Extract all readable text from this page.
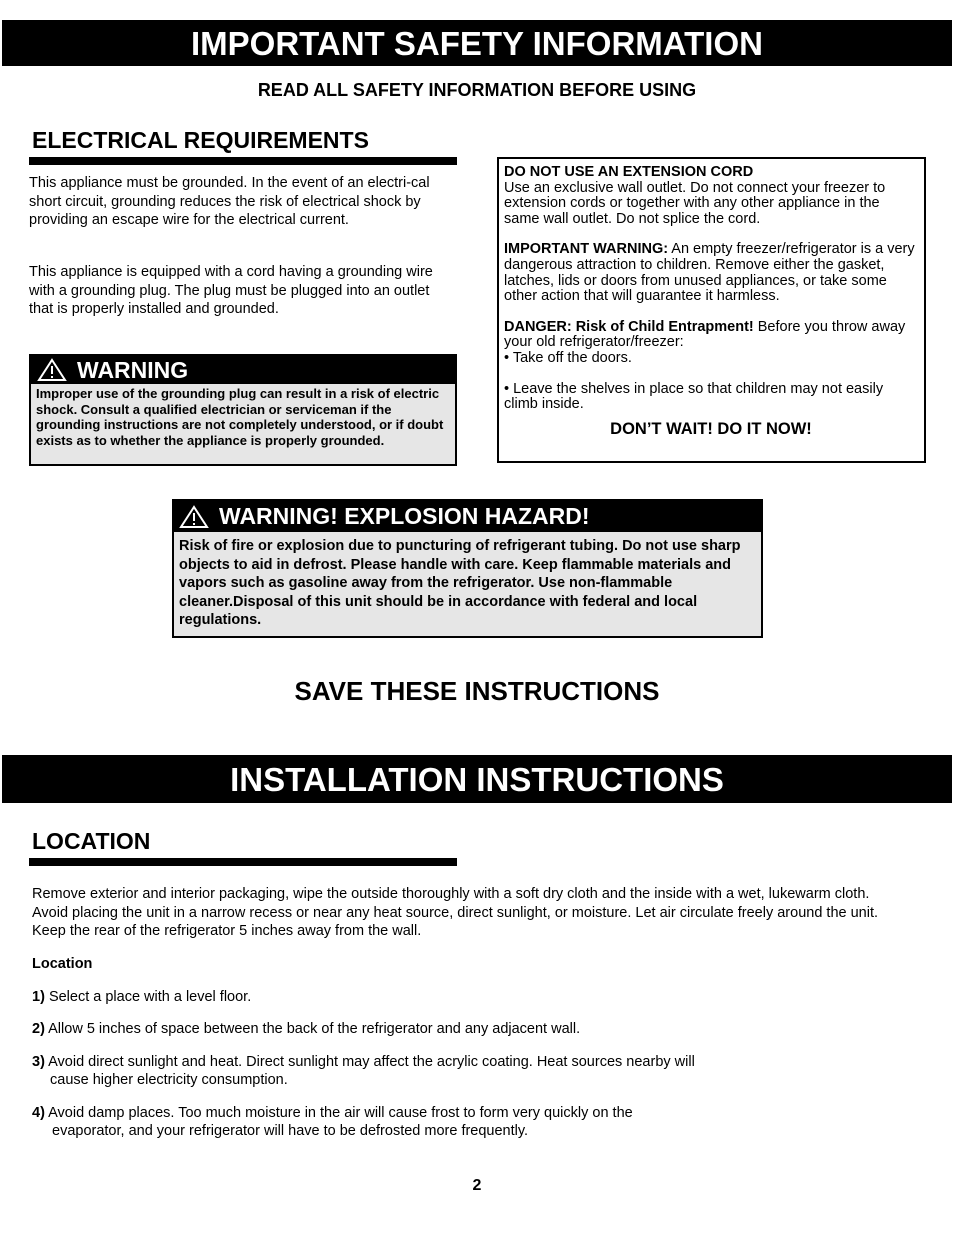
IMPORTANT SAFETY INFORMATION
READ ALL SAFETY INFORMATION BEFORE USING
ELECTRICAL REQUIREMENTS
This appliance must be grounded. In the event of an electri-cal short circuit, grounding reduces the risk of electrical shock by providing an escape wire for the electrical current.
This appliance is equipped with a cord having a grounding wire with a grounding plug. The plug must be plugged into an outlet that is properly installed and grounded.
WARNING
Improper use of the grounding plug can result in a risk of electric shock. Consult a qualified electrician or serviceman if the grounding instructions are not completely understood, or if doubt exists as to whether the appliance is properly grounded.

DO NOT USE AN EXTENSION CORD
Use an exclusive wall outlet. Do not connect your freezer to extension cords or together with any other appliance in the same wall outlet. Do not splice the cord.

IMPORTANT WARNING: An empty freezer/refrigerator is a very dangerous attraction to children. Remove either the gasket, latches, lids or doors from unused appliances, or take some other action that will guarantee it harmless.

DANGER: Risk of Child Entrapment! Before you throw away your old refrigerator/freezer:
• Take off the doors.

• Leave the shelves in place so that children may not easily climb inside.

DON’T WAIT! DO IT NOW!
WARNING! EXPLOSION HAZARD!
Risk of fire or explosion due to puncturing of refrigerant tubing. Do not use sharp objects to aid in defrost. Please handle with care. Keep flammable materials and vapors such as gasoline away from the refrigerator. Use non-flammable cleaner.Disposal of this unit should be in accordance with federal and local regulations.
SAVE THESE INSTRUCTIONS
INSTALLATION INSTRUCTIONS
LOCATION
Remove exterior and interior packaging, wipe the outside thoroughly with a soft dry cloth and the inside with a wet, lukewarm cloth. Avoid placing the unit in a narrow recess or near any heat source, direct sunlight, or moisture. Let air circulate freely around the unit. Keep the rear of the refrigerator 5 inches away from the wall.

Location

1) Select a place with a level floor.

2) Allow 5 inches of space between the back of the refrigerator and any adjacent wall.

3) Avoid direct sunlight and heat. Direct sunlight may affect the acrylic coating. Heat sources nearby will cause higher electricity consumption.

4) Avoid damp places. Too much moisture in the air will cause frost to form very quickly on the evaporator, and your refrigerator will have to be defrosted more frequently.

2
